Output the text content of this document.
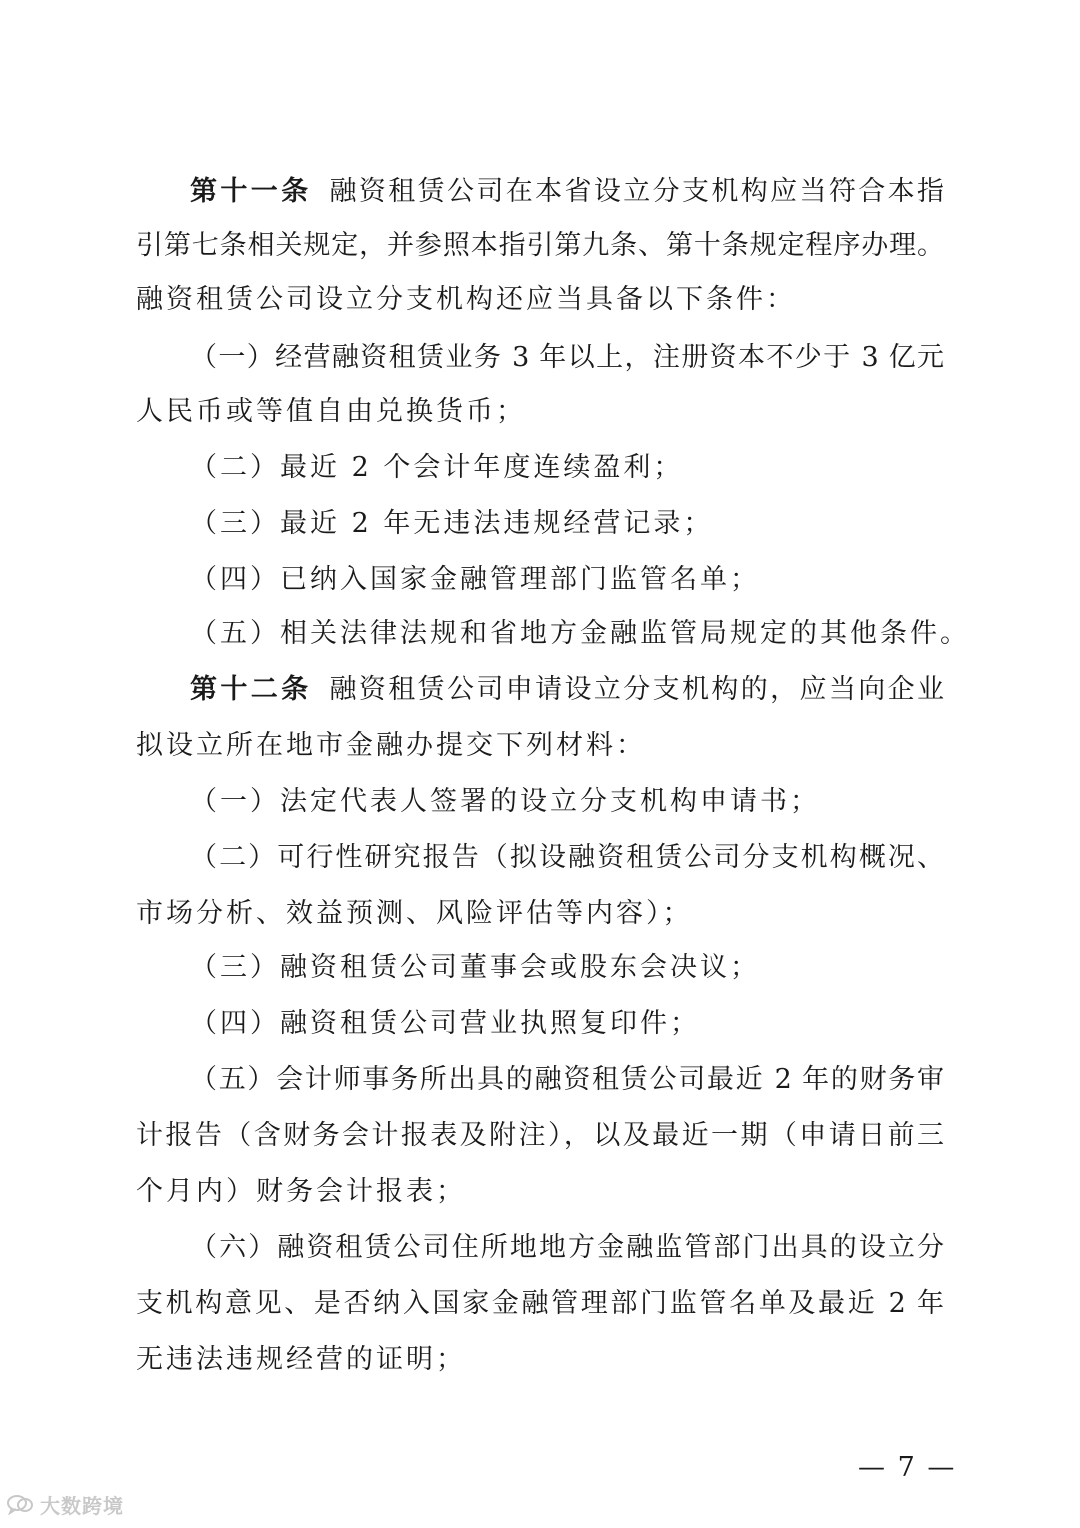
第十一条 融资租赁公司在本省设立分支机构应当符合本指
引第七条相关规定，并参照本指引第九条、第十条规定程序办理。
融资租赁公司设立分支机构还应当具备以下条件：
（一）经营融资租赁业务 3 年以上，注册资本不少于 3 亿元
人民币或等值自由兑换货币；
（二）最近 2 个会计年度连续盈利；
（三）最近 2 年无违法违规经营记录；
（四）已纳入国家金融管理部门监管名单；
（五）相关法律法规和省地方金融监管局规定的其他条件。
第十二条 融资租赁公司申请设立分支机构的，应当向企业
拟设立所在地市金融办提交下列材料：
（一）法定代表人签署的设立分支机构申请书；
（二）可行性研究报告（拟设融资租赁公司分支机构概况、
市场分析、效益预测、风险评估等内容）；
（三）融资租赁公司董事会或股东会决议；
（四）融资租赁公司营业执照复印件；
（五）会计师事务所出具的融资租赁公司最近 2 年的财务审
计报告（含财务会计报表及附注），以及最近一期（申请日前三
个月内）财务会计报表；
（六）融资租赁公司住所地地方金融监管部门出具的设立分
支机构意见、是否纳入国家金融管理部门监管名单及最近 2 年
无违法违规经营的证明；
— 7 —
大数跨境
